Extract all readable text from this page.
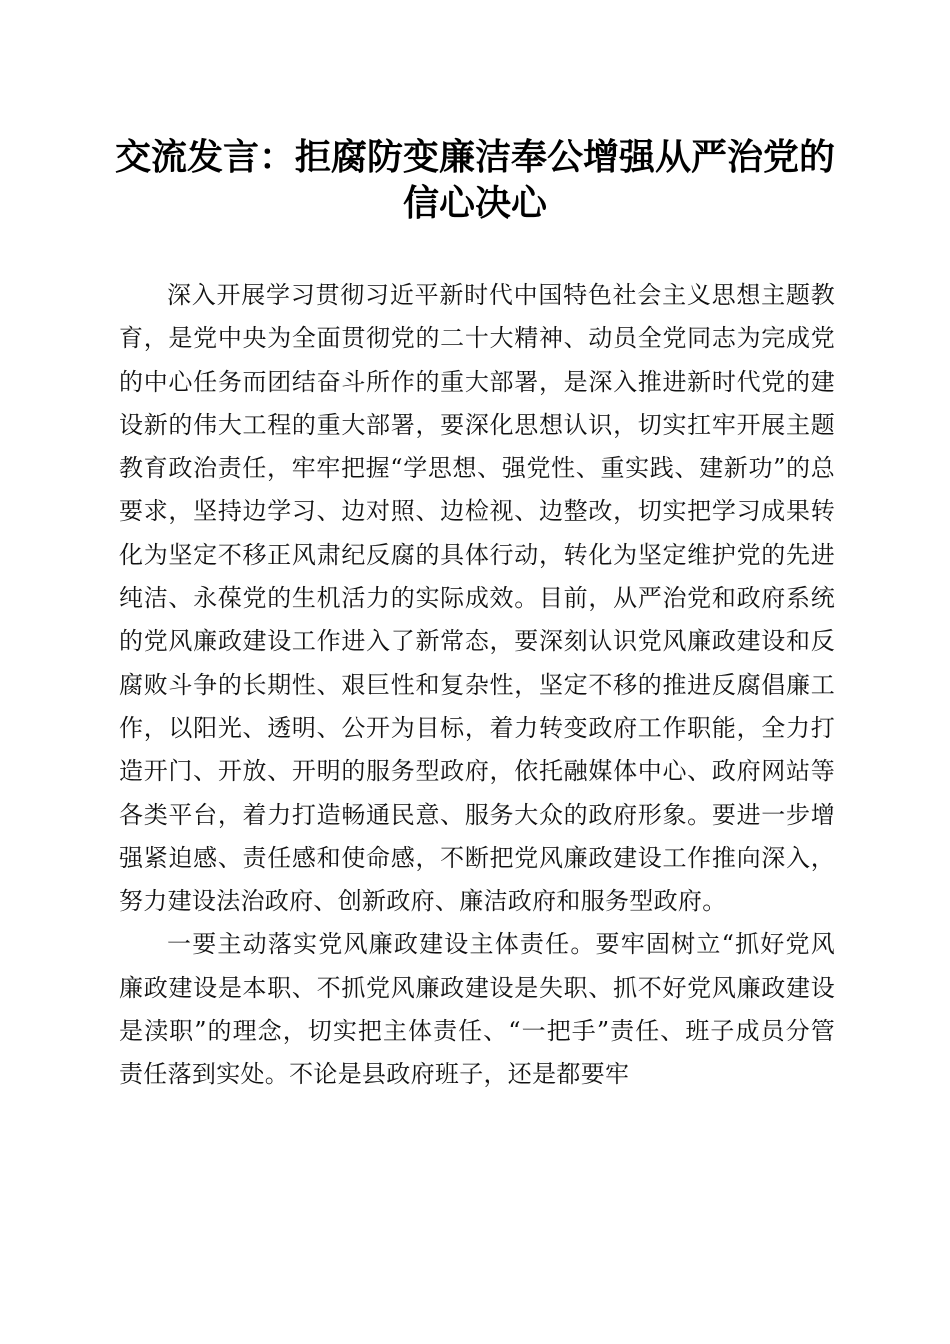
交流发言：拒腐防变廉洁奉公增强从严治党的
信心决心

深入开展学习贯彻习近平新时代中国特色社会主义思想主题教育，是党中央为全面贯彻党的二十大精神、动员全党同志为完成党的中心任务而团结奋斗所作的重大部署，是深入推进新时代党的建设新的伟大工程的重大部署，要深化思想认识，切实扛牢开展主题教育政治责任，牢牢把握“学思想、强党性、重实践、建新功”的总要求，坚持边学习、边对照、边检视、边整改，切实把学习成果转化为坚定不移正风肃纪反腐的具体行动，转化为坚定维护党的先进纯洁、永葆党的生机活力的实际成效。目前，从严治党和政府系统的党风廉政建设工作进入了新常态，要深刻认识党风廉政建设和反腐败斗争的长期性、艰巨性和复杂性，坚定不移的推进反腐倡廉工作，以阳光、透明、公开为目标，着力转变政府工作职能，全力打造开门、开放、开明的服务型政府，依托融媒体中心、政府网站等各类平台，着力打造畅通民意、服务大众的政府形象。要进一步增强紧迫感、责任感和使命感，不断把党风廉政建设工作推向深入，努力建设法治政府、创新政府、廉洁政府和服务型政府。

一要主动落实党风廉政建设主体责任。要牢固树立“抓好党风廉政建设是本职、不抓党风廉政建设是失职、抓不好党风廉政建设是渎职”的理念，切实把主体责任、“一把手”责任、班子成员分管责任落到实处。不论是县政府班子，还是都要牢
